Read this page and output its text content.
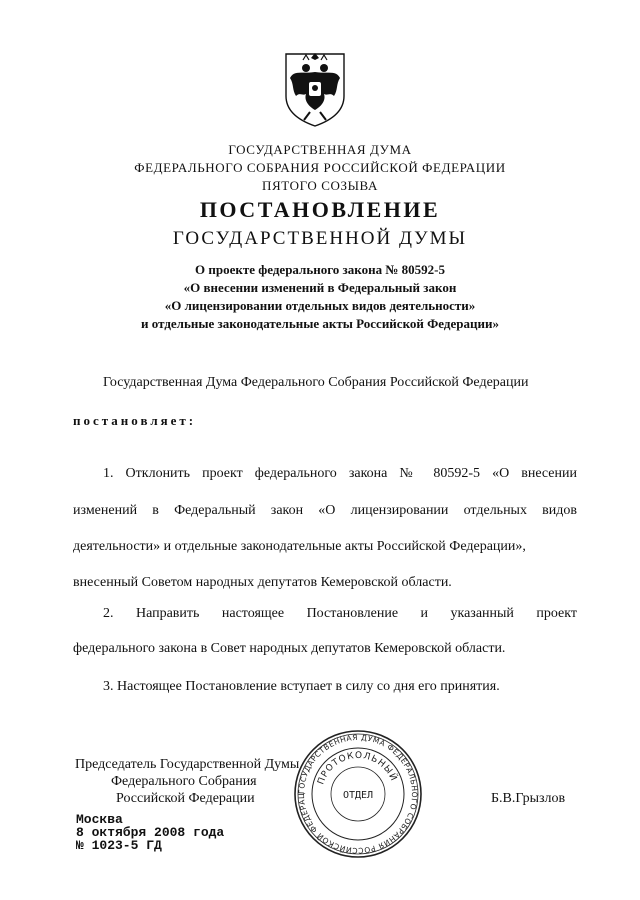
ГОСУДАРСТВЕННАЯ ДУМА
ФЕДЕРАЛЬНОГО СОБРАНИЯ РОССИЙСКОЙ ФЕДЕРАЦИИ
ПЯТОГО СОЗЫВА
ПОСТАНОВЛЕНИЕ
ГОСУДАРСТВЕННОЙ ДУМЫ
О проекте федерального закона № 80592-5
«О внесении изменений в Федеральный закон
«О лицензировании отдельных видов деятельности»
и отдельные законодательные акты Российской Федерации»
Государственная Дума Федерального Собрания Российской Федерации
постановляет:
1. Отклонить проект федерального закона № 80592-5 «О внесении
изменений в Федеральный закон «О лицензировании отдельных видов
деятельности» и отдельные законодательные акты Российской Федерации»,
внесенный Советом народных депутатов Кемеровской области.
2. Направить настоящее Постановление и указанный проект
федерального закона в Совет народных депутатов Кемеровской области.
3. Настоящее Постановление вступает в силу со дня его принятия.
Председатель Государственной Думы
Федерального Собрания
Российской Федерации	Б.В.Грызлов
Москва
8 октября 2008 года
№ 1023-5 ГД
ГОСУДАРСТВЕННАЯ ДУМА ФЕДЕРАЛЬНОГО СОБРАНИЯ РОССИЙСКОЙ ФЕДЕРАЦ
ПРОТОКОЛЬНЫЙ
ОТДЕЛ
